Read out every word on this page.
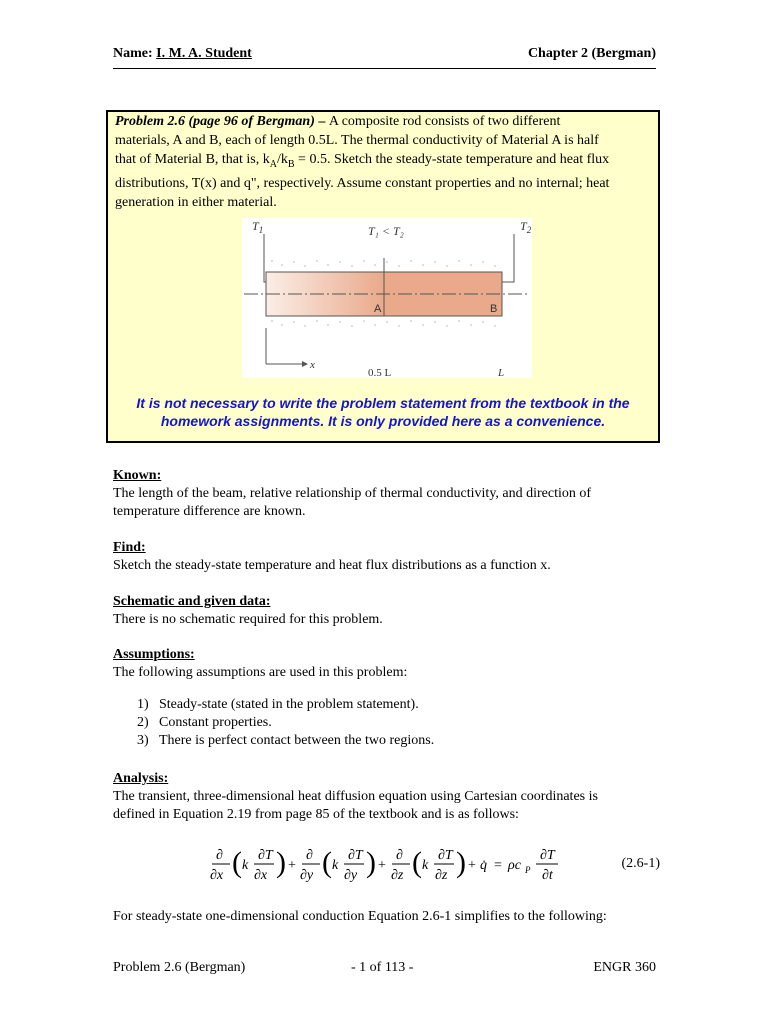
Name: I. M. A. Student	Chapter 2 (Bergman)
Problem 2.6 (page 96 of Bergman) – A composite rod consists of two different
materials, A and B, each of length 0.5L. The thermal conductivity of Material A is half
that of Material B, that is, $k_A/k_B = 0.5$. Sketch the steady-state temperature and heat flux
distributions, T(x) and q", respectively. Assume constant properties and no internal; heat
generation in either material.
$T_1$	$T_2$
T₁ < T₂
A	B
x
0.5 L	L
It is not necessary to write the problem statement from the textbook in the
homework assignments. It is only provided here as a convenience.
Known:
The length of the beam, relative relationship of thermal conductivity, and direction of
temperature difference are known.
Find:
Sketch the steady-state temperature and heat flux distributions as a function x.
Schematic and given data:
There is no schematic required for this problem.
Assumptions:
The following assumptions are used in this problem:
1) Steady-state (stated in the problem statement).
2) Constant properties.
3) There is perfect contact between the two regions.
Analysis:
The transient, three-dimensional heat diffusion equation using Cartesian coordinates is
defined in Equation 2.19 from page 85 of the textbook and is as follows:
∂
∂x ( k
∂T
∂x ) +
∂
∂y ( k
∂T
∂y ) +
∂
∂z ( k
∂T
∂z ) + q̇ = ρc P
∂T
∂t
(2.6-1)
For steady-state one-dimensional conduction Equation 2.6-1 simplifies to the following:
Problem 2.6 (Bergman)	- 1 of 113 -	ENGR 360
